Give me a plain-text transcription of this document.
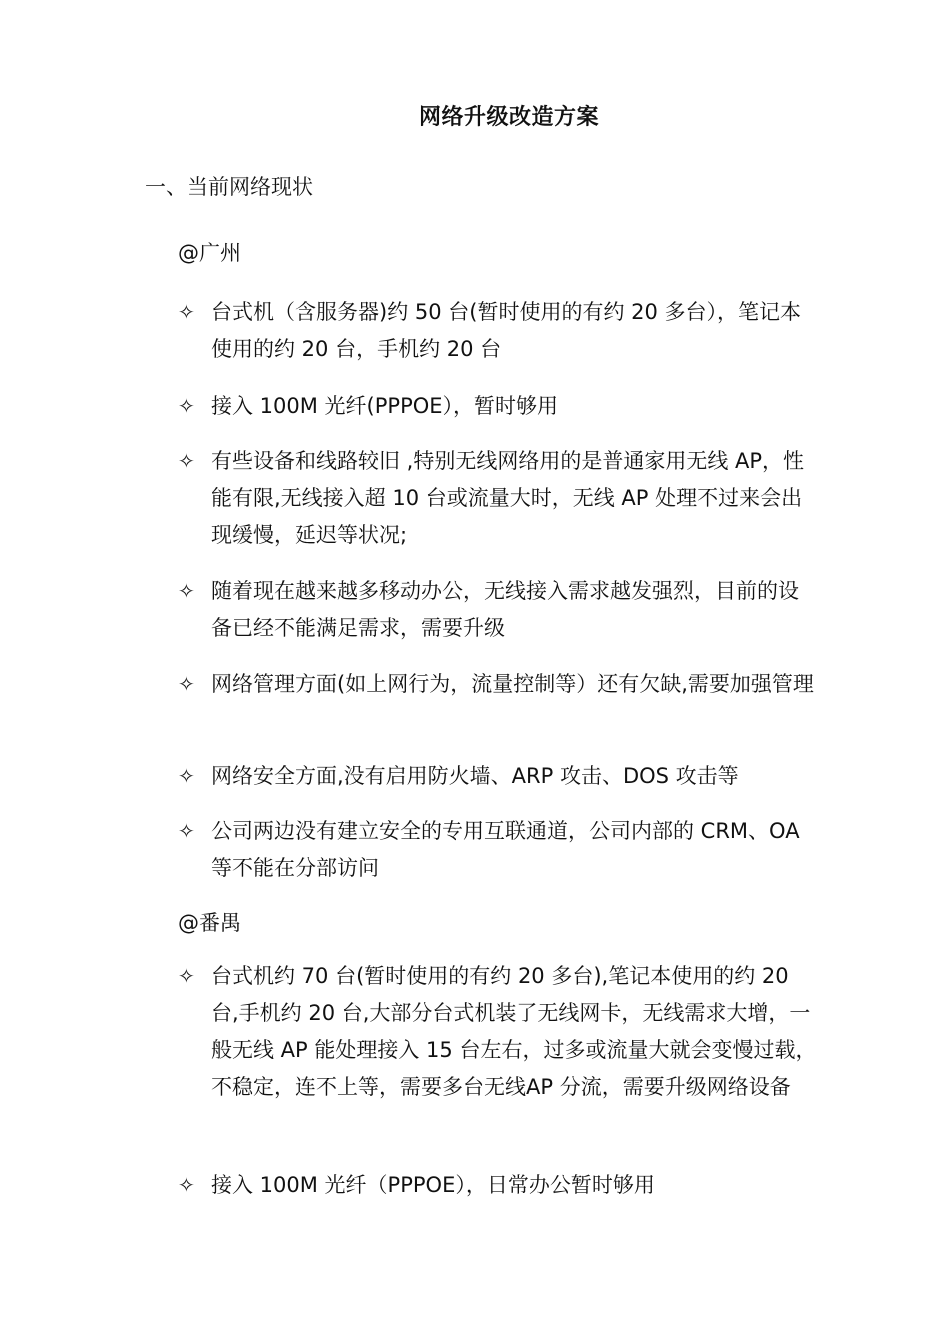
网络升级改造方案
一、当前网络现状
@广州
✧ 台式机（含服务器)约 50 台(暂时使用的有约 20 多台），笔记本使用的约 20 台，手机约 20 台
✧ 接入 100M 光纤(PPPOE），暂时够用
✧ 有些设备和线路较旧 ,特别无线网络用的是普通家用无线 AP，性能有限,无线接入超 10 台或流量大时，无线 AP 处理不过来会出现缓慢，延迟等状况;
✧ 随着现在越来越多移动办公，无线接入需求越发强烈，目前的设备已经不能满足需求，需要升级
✧ 网络管理方面(如上网行为，流量控制等）还有欠缺,需要加强管理
✧ 网络安全方面,没有启用防火墙、ARP 攻击、DOS 攻击等
✧ 公司两边没有建立安全的专用互联通道，公司内部的 CRM、OA 等不能在分部访问
@番禺
✧ 台式机约 70 台(暂时使用的有约 20 多台),笔记本使用的约 20 台,手机约 20 台,大部分台式机装了无线网卡，无线需求大增，一般无线 AP 能处理接入 15 台左右，过多或流量大就会变慢过载，不稳定，连不上等，需要多台无线AP 分流，需要升级网络设备
✧ 接入 100M 光纤（PPPOE），日常办公暂时够用
